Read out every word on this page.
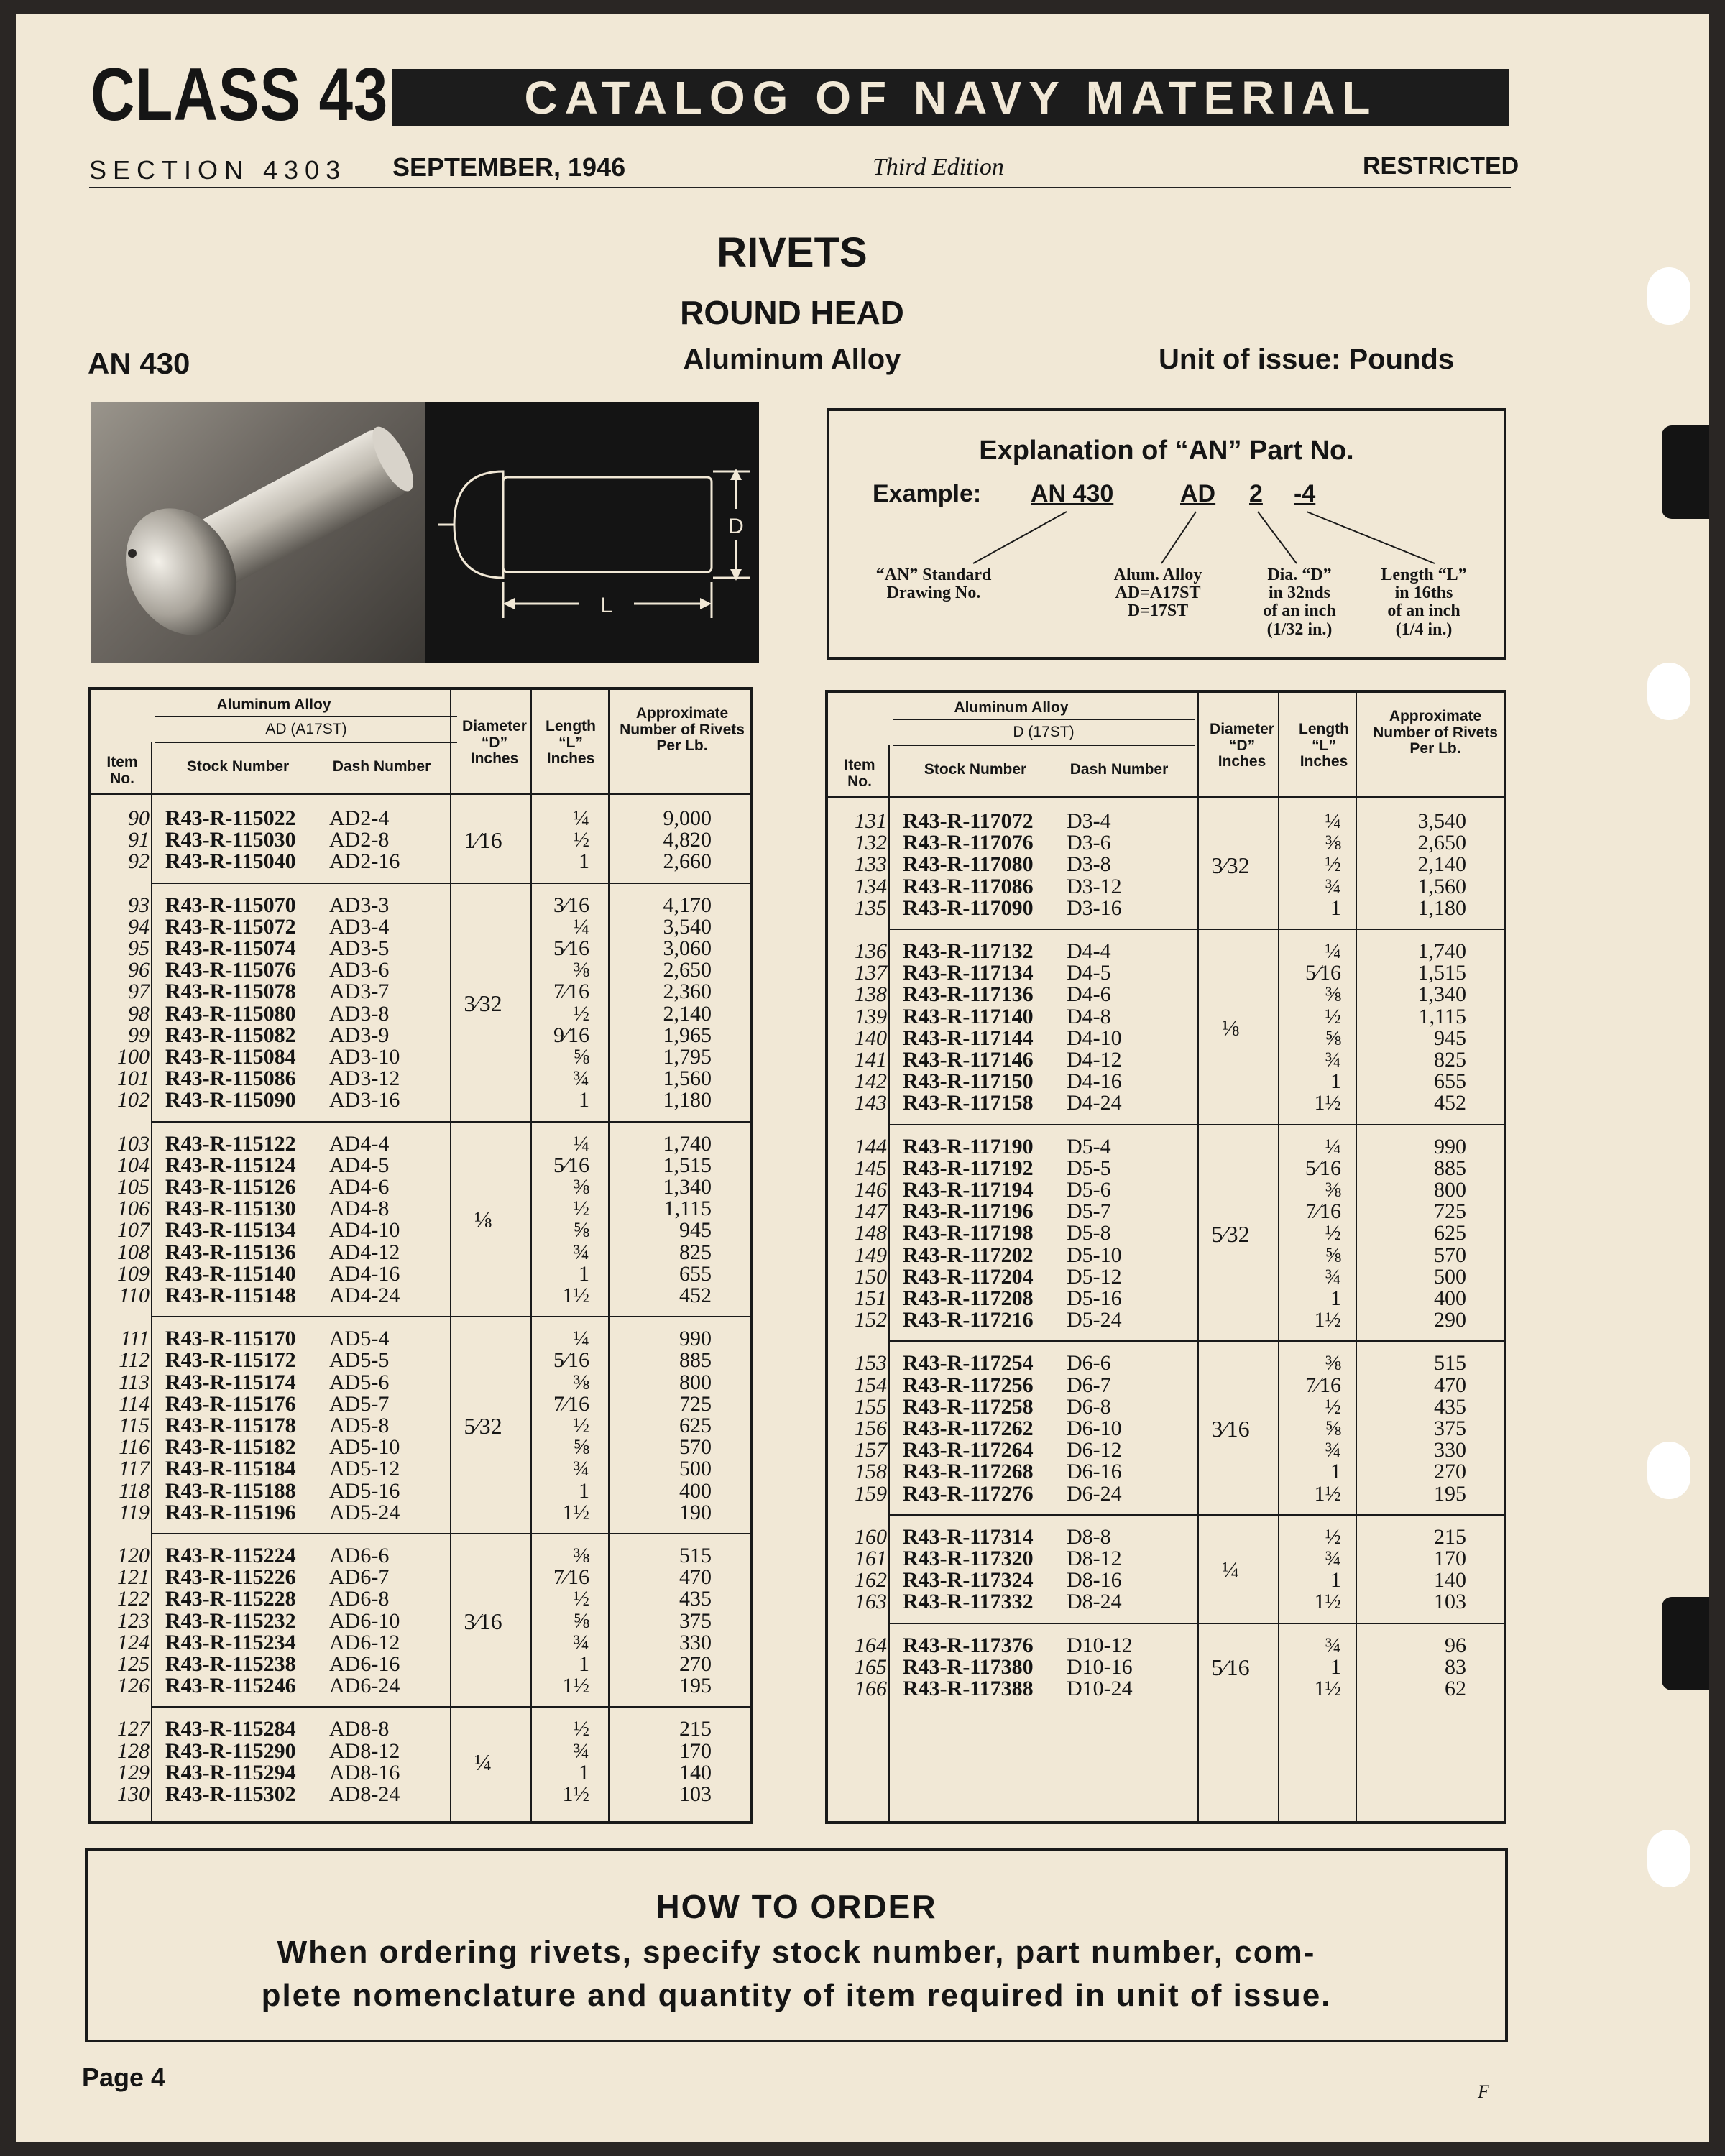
CLASS 43	CATALOG OF NAVY MATERIAL
SECTION 4303 SEPTEMBER, 1946	Third Edition	RESTRICTED
RIVETS
ROUND HEAD
Aluminum Alloy
AN 430	Unit of issue: Pounds
D
L
Explanation of “AN” Part No.
Example: AN 430	AD 2 -4
“AN” Standard
Drawing No.
Alum. Alloy
AD=A17ST
D=17ST
Dia. “D”
in 32nds
of an inch
(1/32 in.)
Length “L”
in 16ths
of an inch
(1/4 in.)
Aluminum Alloy
AD (A17ST)
Item No.
Stock Number	Dash Number
Diameter “D” Inches
Length “L” Inches
Approximate Number of Rivets Per Lb.
90 R43-R-115022 AD2-4	¼	9,000
91 R43-R-115030 AD2-8	½	4,820
92 R43-R-115040 AD2-16	1	2,660
1⁄16
93 R43-R-115070 AD3-3	3⁄16	4,170
94 R43-R-115072 AD3-4	¼	3,540
95 R43-R-115074 AD3-5	5⁄16	3,060
96 R43-R-115076 AD3-6	⅜	2,650
97 R43-R-115078 AD3-7	7⁄16	2,360
98 R43-R-115080 AD3-8	½	2,140
99 R43-R-115082 AD3-9	9⁄16	1,965
100 R43-R-115084 AD3-10	⅝	1,795
101 R43-R-115086 AD3-12	¾	1,560
102 R43-R-115090 AD3-16	1	1,180
3⁄32
103 R43-R-115122 AD4-4	¼	1,740
104 R43-R-115124 AD4-5	5⁄16	1,515
105 R43-R-115126 AD4-6	⅜	1,340
106 R43-R-115130 AD4-8	½	1,115
107 R43-R-115134 AD4-10	⅝	945
108 R43-R-115136 AD4-12	¾	825
109 R43-R-115140 AD4-16	1	655
110 R43-R-115148 AD4-24	1½	452
⅛
111 R43-R-115170 AD5-4	¼	990
112 R43-R-115172 AD5-5	5⁄16	885
113 R43-R-115174 AD5-6	⅜	800
114 R43-R-115176 AD5-7	7⁄16	725
115 R43-R-115178 AD5-8	½	625
116 R43-R-115182 AD5-10	⅝	570
117 R43-R-115184 AD5-12	¾	500
118 R43-R-115188 AD5-16	1	400
119 R43-R-115196 AD5-24	1½	190
5⁄32
120 R43-R-115224 AD6-6	⅜	515
121 R43-R-115226 AD6-7	7⁄16	470
122 R43-R-115228 AD6-8	½	435
123 R43-R-115232 AD6-10	⅝	375
124 R43-R-115234 AD6-12	¾	330
125 R43-R-115238 AD6-16	1	270
126 R43-R-115246 AD6-24	1½	195
3⁄16
127 R43-R-115284 AD8-8	½	215
128 R43-R-115290 AD8-12	¾	170
129 R43-R-115294 AD8-16	1	140
130 R43-R-115302 AD8-24	1½	103
¼
Aluminum Alloy
D (17ST)
Item No.
Stock Number	Dash Number
Diameter “D” Inches
Length “L” Inches
Approximate Number of Rivets Per Lb.
131 R43-R-117072 D3-4	¼	3,540
132 R43-R-117076 D3-6	⅜	2,650
133 R43-R-117080 D3-8	½	2,140
134 R43-R-117086 D3-12	¾	1,560
135 R43-R-117090 D3-16	1	1,180
3⁄32
136 R43-R-117132 D4-4	¼	1,740
137 R43-R-117134 D4-5	5⁄16	1,515
138 R43-R-117136 D4-6	⅜	1,340
139 R43-R-117140 D4-8	½	1,115
140 R43-R-117144 D4-10	⅝	945
141 R43-R-117146 D4-12	¾	825
142 R43-R-117150 D4-16	1	655
143 R43-R-117158 D4-24	1½	452
⅛
144 R43-R-117190 D5-4	¼	990
145 R43-R-117192 D5-5	5⁄16	885
146 R43-R-117194 D5-6	⅜	800
147 R43-R-117196 D5-7	7⁄16	725
148 R43-R-117198 D5-8	½	625
149 R43-R-117202 D5-10	⅝	570
150 R43-R-117204 D5-12	¾	500
151 R43-R-117208 D5-16	1	400
152 R43-R-117216 D5-24	1½	290
5⁄32
153 R43-R-117254 D6-6	⅜	515
154 R43-R-117256 D6-7	7⁄16	470
155 R43-R-117258 D6-8	½	435
156 R43-R-117262 D6-10	⅝	375
157 R43-R-117264 D6-12	¾	330
158 R43-R-117268 D6-16	1	270
159 R43-R-117276 D6-24	1½	195
3⁄16
160 R43-R-117314 D8-8	½	215
161 R43-R-117320 D8-12	¾	170
162 R43-R-117324 D8-16	1	140
163 R43-R-117332 D8-24	1½	103
¼
164 R43-R-117376 D10-12	¾	96
165 R43-R-117380 D10-16	1	83
166 R43-R-117388 D10-24	1½	62
5⁄16
HOW TO ORDER
When ordering rivets, specify stock number, part number, com-
plete nomenclature and quantity of item required in unit of issue.
Page 4	F
